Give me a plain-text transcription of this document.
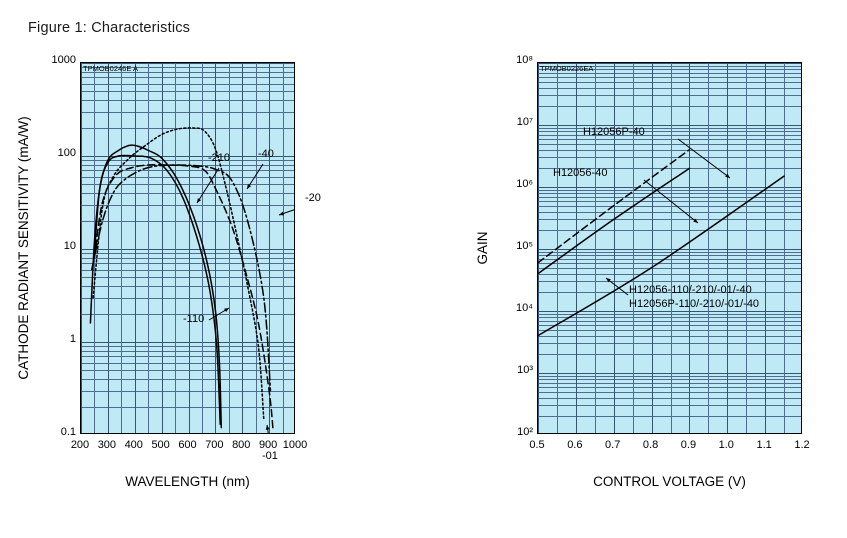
Figure 1: Characteristics
200 300 400 500 600 700 800 900 1000
0.1
1
10
100
1000
TPMOB0246E A
WAVELENGTH (nm)
CATHODE RADIANT SENSITIVITY (mA/W)	-210	-40
-20
-110
-01
0.5	0.6	0.7	0.8	0.9	1.0	1.1	1.2
10²
10³
10⁴
10⁵
10⁶
10⁷
10⁸
TPMOB0226EA
CONTROL VOLTAGE (V)
GAIN
H12056P-40
H12056-40
H12056-110/-210/-01/-40
H12056P-110/-210/-01/-40
